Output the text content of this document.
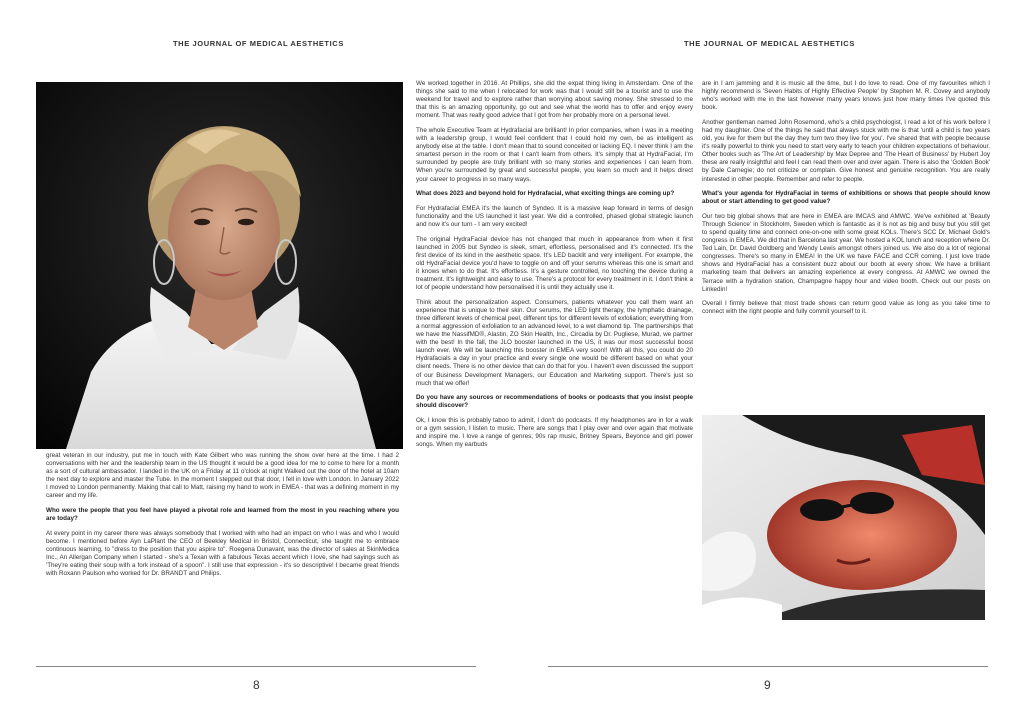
THE JOURNAL OF MEDICAL AESTHETICS

great veteran in our industry, put me in touch with Kate Gilbert who was running the show over here at the time. I had 2 conversations with her and the leadership team in the US thought it would be a good idea for me to come to here for a month as a sort of cultural ambassador. I landed in the UK on a Friday at 11 o'clock at night Walked out the door of the hotel at 10am the next day to explore and master the Tube. In the moment I stepped out that door, I fell in love with London. In January 2022 I moved to London permanently. Making that call to Matt, raising my hand to work in EMEA - that was a defining moment in my career and my life.

Who were the people that you feel have played a pivotal role and learned from the most in you reaching where you are today?

At every point in my career there was always somebody that I worked with who had an impact on who I was and who I would become. I mentioned before Ayn LaPlant the CEO of Beekley Medical in Bristol, Connecticut, she taught me to embrace continuous learning, to "dress to the position that you aspire to". Roegena Dunavant, was the director of sales at SkinMedica Inc., An Allergan Company when I started - she's a Texan with a fabulous Texas accent which I love, she had sayings such as 'They're eating their soup with a fork instead of a spoon". I still use that expression - it's so descriptive! I became great friends with Roxann Paulson who worked for Dr. BRANDT and Philips.

8

We worked together in 2016. At Phillips, she did the expat thing living in Amsterdam. One of the things she said to me when I relocated for work was that I would still be a tourist and to use the weekend for travel and to explore rather than worrying about saving money. She stressed to me that this is an amazing opportunity, go out and see what the world has to offer and enjoy every moment. That was really good advice that I got from her probably more on a personal level.

The whole Executive Team at Hydrafacial are brilliant! In prior companies, when I was in a meeting with a leadership group, I would feel confident that I could hold my own, be as intelligent as anybody else at the table. I don't mean that to sound conceited or lacking EQ. I never think I am the smartest person in the room or that I can't learn from others. It's simply that at HydraFacial, I'm surrounded by people are truly brilliant with so many stories and experiences I can learn from. When you're surrounded by great and successful people, you learn so much and it helps direct your career to progress in so many ways.

What does 2023 and beyond hold for Hydrafacial, what exciting things are coming up?

For Hydrafacial EMEA it's the launch of Syndeo. It is a massive leap forward in terms of design functionality and the US launched it last year. We did a controlled, phased global strategic launch and now it's our turn - I am very excited!

The original HydraFacial device has not changed that much in appearance from when it first launched in 2005 but Syndeo is sleek, smart, effortless, personalised and it's connected. It's the first device of its kind in the aesthetic space. It's LED backlit and very intelligent. For example, the old HydraFacial device you'd have to toggle on and off your serums whereas this one is smart and it knows when to do that. It's effortless. It's a gesture controlled, no touching the device during a treatment. It's lightweight and easy to use. There's a protocol for every treatment in it. I don't think a lot of people understand how personalised it is until they actually use it.

Think about the personalization aspect. Consumers, patients whatever you call them want an experience that is unique to their skin. Our serums, the LED light therapy, the lymphatic drainage, three different levels of chemical peel, different tips for different levels of exfoliation; everything from a normal aggression of exfoliation to an advanced level, to a wet diamond tip. The partnerships that we have the NassifMD®, Alastin, ZO Skin Health, Inc., Circadia by Dr. Pugliese, Murad, we partner with the best! In the fall, the JLO booster launched in the US, it was our most successful boost launch ever. We will be launching this booster in EMEA very soon!! With all this, you could do 20 Hydrafacials a day in your practice and every single one would be different based on what your client needs. There is no other device that can do that for you. I haven't even discussed the support of our Business Development Managers, our Education and Marketing support. There's just so much that we offer!

Do you have any sources or recommendations of books or podcasts that you insist people should discover?

Ok, I know this is probably taboo to admit, I don't do podcasts. If my headphones are in for a walk or a gym session, I listen to music. There are songs that I play over and over again that motivate and inspire me. I love a range of genres; 90s rap music, Britney Spears, Beyonce and girl power songs. When my earbuds

THE JOURNAL OF MEDICAL AESTHETICS
9

are in I am jamming and it is music all the time, but I do love to read. One of my favourites which I highly recommend is 'Seven Habits of Highly Effective People' by Stephen M. R. Covey and anybody who's worked with me in the last however many years knows just how many times I've quoted this book.

Another gentleman named John Rosemond, who's a child psychologist, I read a lot of his work before I had my daughter. One of the things he said that always stuck with me is that 'until a child is two years old, you live for them but the day they turn two they live for you'. I've shared that with people because it's really powerful to think you need to start very early to teach your children expectations of behaviour. Other books such as 'The Art of Leadership' by Max Depree and 'The Heart of Business' by Hubert Joy these are really insightful and feel I can read them over and over again. There is also the 'Golden Book' by Dale Carnegie; do not criticize or complain. Give honest and genuine recognition. You are really interested in other people. Remember and refer to people.

What's your agenda for HydraFacial in terms of exhibitions or shows that people should know about or start attending to get good value?

Our two big global shows that are here in EMEA are IMCAS and AMWC. We've exhibited at 'Beauty Through Science' in Stockholm, Sweden which is fantastic as it is not as big and busy but you still get to spend quality time and connect one-on-one with some great KOLs. There's SCC Dr. Michael Gold's congress in EMEA. We did that in Barcelona last year. We hosted a KOL lunch and reception where Dr. Ted Lain, Dr. David Goldberg and Wendy Lewis amongst others joined us. We also do a lot of regional congresses. There's so many in EMEA! In the UK we have FACE and CCR coming. I just love trade shows and HydraFacial has a consistent buzz about our booth at every show. We have a brilliant marketing team that delivers an amazing experience at every congress. At AMWC we owned the Terrace with a hydration station, Champagne happy hour and video booth. Check out our posts on Linkedin!

Overall I firmly believe that most trade shows can return good value as long as you take time to connect with the right people and fully commit yourself to it.
